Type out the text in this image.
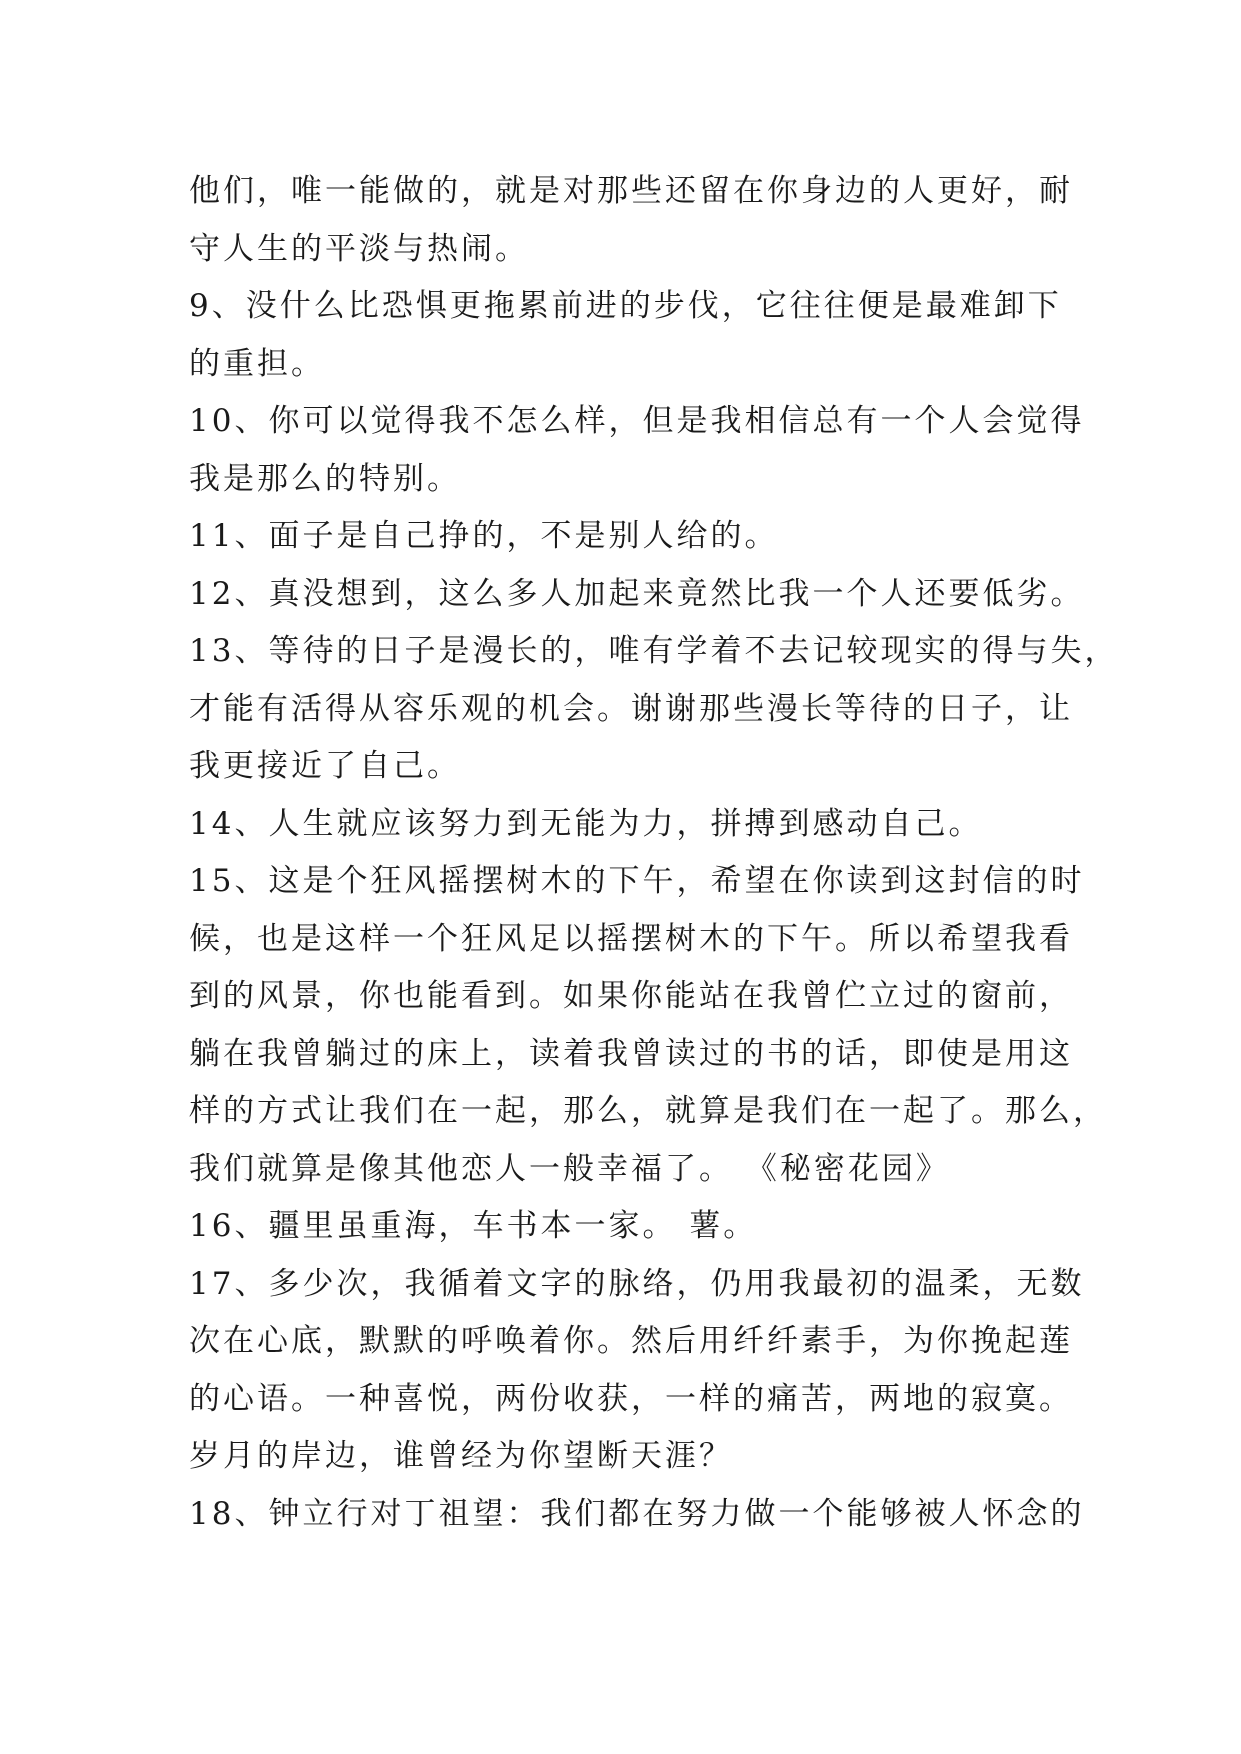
他们，唯一能做的，就是对那些还留在你身边的人更好，耐
守人生的平淡与热闹。
9、没什么比恐惧更拖累前进的步伐，它往往便是最难卸下
的重担。
10、你可以觉得我不怎么样，但是我相信总有一个人会觉得
我是那么的特别。
11、面子是自己挣的，不是别人给的。
12、真没想到，这么多人加起来竟然比我一个人还要低劣。
13、等待的日子是漫长的，唯有学着不去记较现实的得与失，
才能有活得从容乐观的机会。谢谢那些漫长等待的日子，让
我更接近了自己。
14、人生就应该努力到无能为力，拼搏到感动自己。
15、这是个狂风摇摆树木的下午，希望在你读到这封信的时
候，也是这样一个狂风足以摇摆树木的下午。所以希望我看
到的风景，你也能看到。如果你能站在我曾伫立过的窗前，
躺在我曾躺过的床上，读着我曾读过的书的话，即使是用这
样的方式让我们在一起，那么，就算是我们在一起了。那么，
我们就算是像其他恋人一般幸福了。 《秘密花园》
16、疆里虽重海，车书本一家。 薯。
17、多少次，我循着文字的脉络，仍用我最初的温柔，无数
次在心底，默默的呼唤着你。然后用纤纤素手，为你挽起莲
的心语。一种喜悦，两份收获，一样的痛苦，两地的寂寞。
岁月的岸边，谁曾经为你望断天涯？
18、钟立行对丁祖望：我们都在努力做一个能够被人怀念的
